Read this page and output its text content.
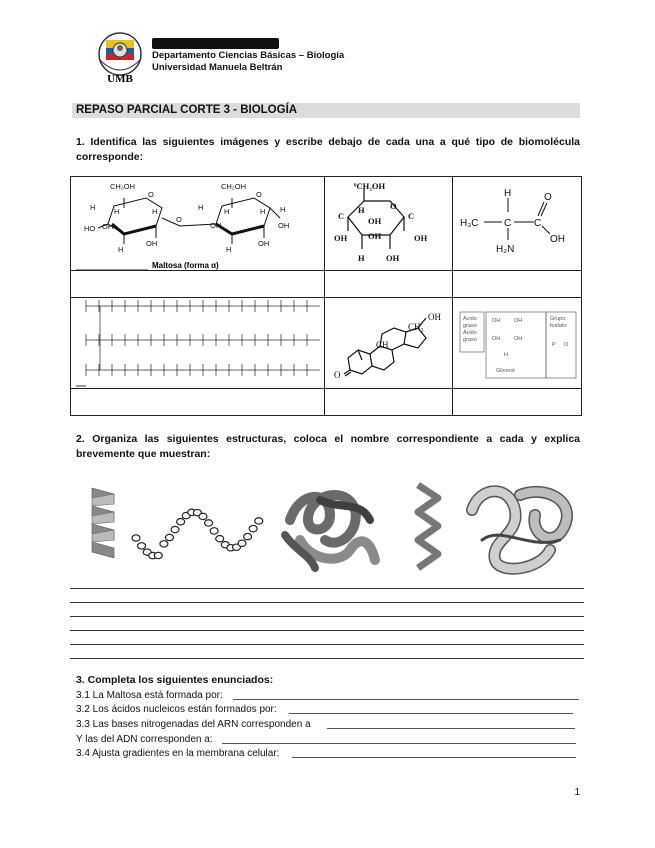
UMB
Departamento Ciencias Básicas – Biología
Universidad Manuela Beltrán
REPASO PARCIAL CORTE 3 - BIOLOGÍA
1. Identifica las siguientes imágenes y escribe debajo de cada una a qué tipo de biomolécula corresponde:
CH₂OH	CH₂OH
O	O
O
H H	H
HO OH
H
OH
H	H	H
OH
H
OH
OH
H
Maltosa (forma α)
⁶CH₂OH
O
C	C
OH
H
OH	OH
OH
H	OH
H
H₃C	C C
O
OH
H₂N
O
OH
CH₃
CH
Ácido
graso
Ácido
graso
OH	OH
OH	OH
H
Glicerol
Grupo
fosfato
P O
2. Organiza las siguientes estructuras, coloca el nombre correspondiente a cada y explica brevemente que muestran:
3. Completa los siguientes enunciados:
3.1 La Maltosa está formada por:
3.2 Los ácidos nucleicos están formados por:
3.3 Las bases nitrogenadas del ARN corresponden a
Y las del ADN corresponden a:
3.4 Ajusta gradientes en la membrana celular:
1
